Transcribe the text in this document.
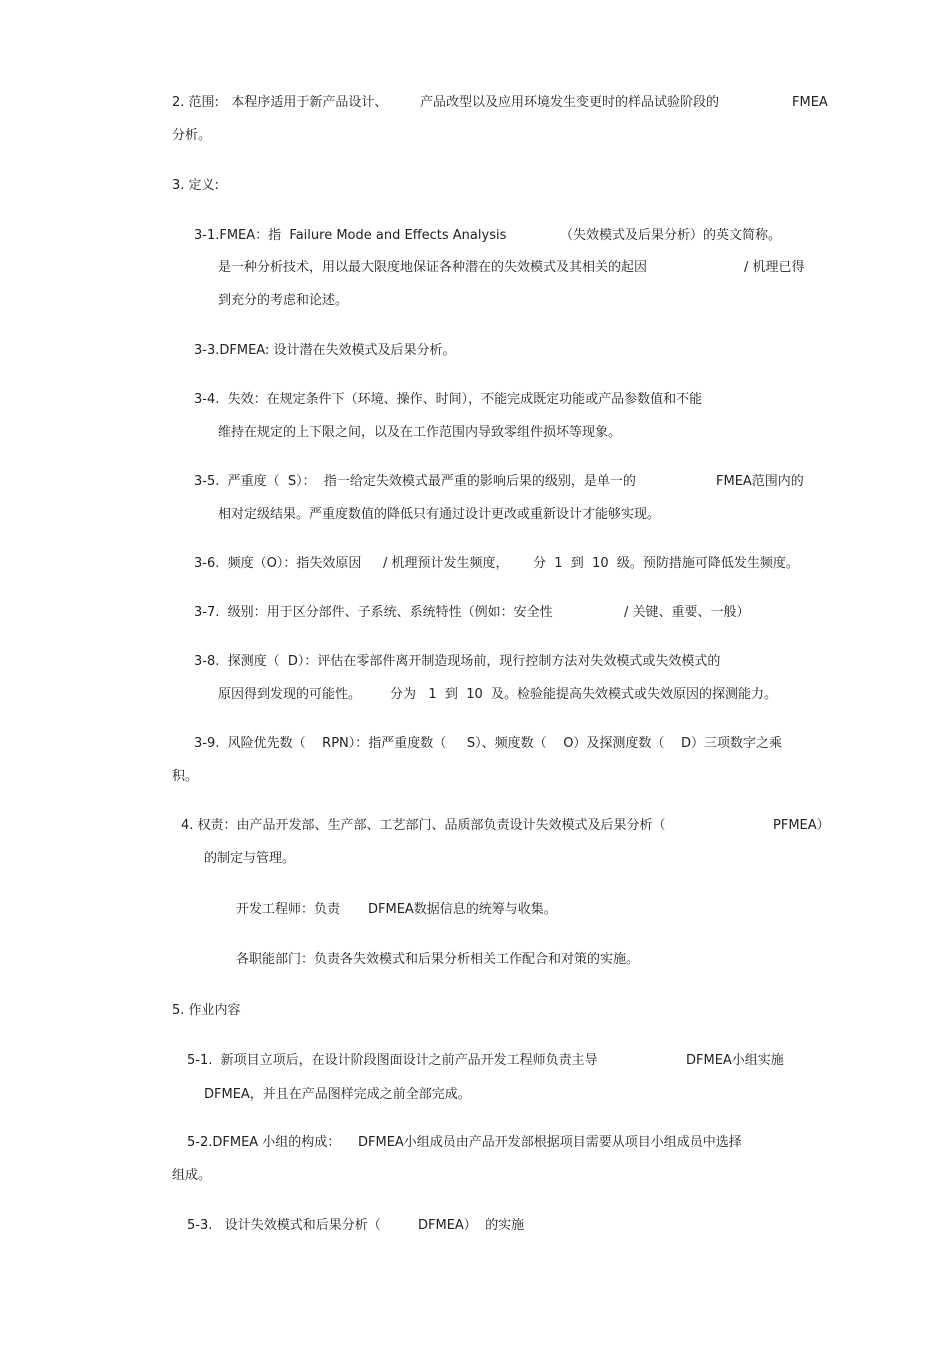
2. 范围:   本程序适用于新产品设计、	产品改型以及应用环境发生变更时的样品试验阶段的	FMEA
分析。
3. 定义:
3-1.FMEA：指  Failure Mode and Effects Analysis	（失效模式及后果分析）的英文简称。
是一种分析技术，用以最大限度地保证各种潜在的失效模式及其相关的起因	/ 机理已得
到充分的考虑和论述。
3-3.DFMEA: 设计潜在失效模式及后果分析。
3-4.  失效：在规定条件下（环境、操作、时间），不能完成既定功能或产品参数值和不能
维持在规定的上下限之间，以及在工作范围内导致零组件损坏等现象。
3-5.  严重度（  S）：  指一给定失效模式最严重的影响后果的级别，是单一的	FMEA范围内的
相对定级结果。严重度数值的降低只有通过设计更改或重新设计才能够实现。
3-6.  频度（O）：指失效原因 / 机理预计发生频度， 分  1  到  10  级。预防措施可降低发生频度。
3-7.  级别：用于区分部件、子系统、系统特性（例如：安全性	/ 关键、重要、一般）
3-8.  探测度（  D）：评估在零部件离开制造现场前，现行控制方法对失效模式或失效模式的
原因得到发现的可能性。 分为   1  到  10  及。检验能提高失效模式或失效原因的探测能力。
3-9.  风险优先数（    RPN）：指严重度数（     S）、频度数（    O）及探测度数（    D）三项数字之乘
积。
4. 权责：由产品开发部、生产部、工艺部门、品质部负责设计失效模式及后果分析（	PFMEA）
的制定与管理。
开发工程师：负责 DFMEA数据信息的统筹与收集。
各职能部门：负责各失效模式和后果分析相关工作配合和对策的实施。
5. 作业内容
5-1.  新项目立项后，在设计阶段图面设计之前产品开发工程师负责主导	DFMEA小组实施
DFMEA，并且在产品图样完成之前全部完成。
5-2.DFMEA 小组的构成： DFMEA小组成员由产品开发部根据项目需要从项目小组成员中选择
组成。
5-3.   设计失效模式和后果分析（	DFMEA）  的实施
